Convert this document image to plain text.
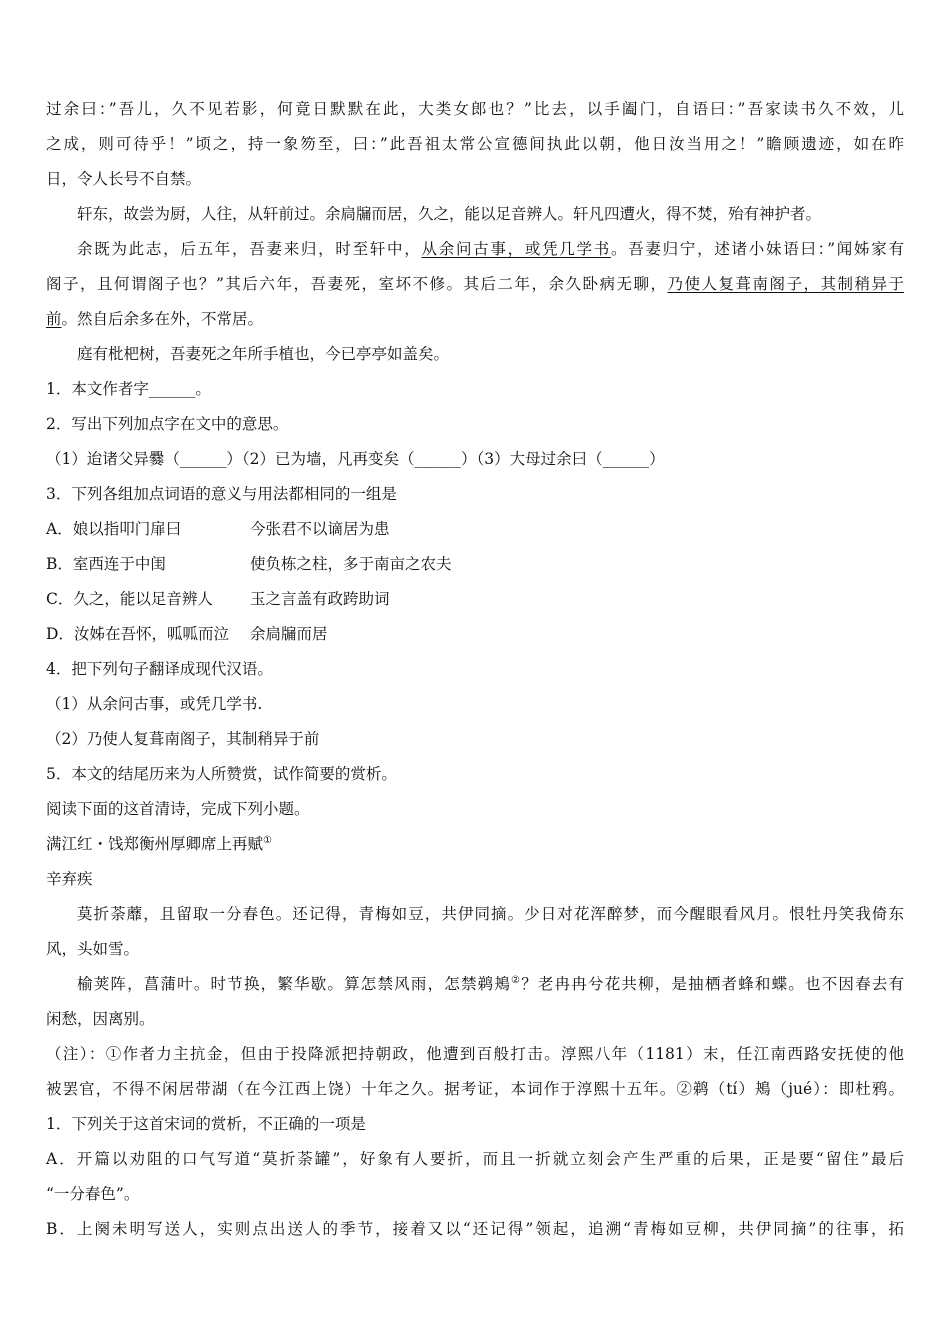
过余曰：”吾儿，久不见若影，何竟日默默在此，大类女郎也？”比去，以手阖门，自语曰：”吾家读书久不效，儿

之成，则可待乎！”顷之，持一象笏至，曰：”此吾祖太常公宣德间执此以朝，他日汝当用之！”瞻顾遗迹，如在昨

日，令人长号不自禁。

轩东，故尝为厨，人往，从轩前过。余扃牖而居，久之，能以足音辨人。轩凡四遭火，得不焚，殆有神护者。

余既为此志，后五年，吾妻来归，时至轩中，从余问古事，或凭几学书。吾妻归宁，述诸小妹语曰：”闻姊家有

阁子，且何谓阁子也？”其后六年，吾妻死，室坏不修。其后二年，余久卧病无聊，乃使人复葺南阁子，其制稍异于

前。然自后余多在外，不常居。

庭有枇杷树，吾妻死之年所手植也，今已亭亭如盖矣。

1．本文作者字______。

2．写出下列加点字在文中的意思。

（1）迨诸父异爨（______）（2）已为墙，凡再变矣（______）（3）大母过余曰（______）

3．下列各组加点词语的意义与用法都相同的一组是

A．娘以指叩门扉曰	今张君不以谪居为患

B．室西连于中闺	使负栋之柱，多于南亩之农夫

C．久之，能以足音辨人 玉之言盖有政跨助词

D．汝姊在吾怀，呱呱而泣 余扃牖而居

4．把下列句子翻译成现代汉语。

（1）从余问古事，或凭几学书.

（2）乃使人复葺南阁子，其制稍异于前

5．本文的结尾历来为人所赞赏，试作简要的赏析。

阅读下面的这首清诗，完成下列小题。

满江红・饯郑衡州厚卿席上再赋①

辛弃疾

莫折荼蘼，且留取一分春色。还记得，青梅如豆，共伊同摘。少日对花浑醉梦，而今醒眼看风月。恨牡丹笑我倚东

风，头如雪。

榆荚阵，菖蒲叶。时节换，繁华歇。算怎禁风雨，怎禁鹈鴂②？老冉冉兮花共柳，是抽栖者蜂和蝶。也不因春去有

闲愁，因离别。

（注）：①作者力主抗金，但由于投降派把持朝政，他遭到百般打击。淳熙八年（1181）末，任江南西路安抚使的他

被罢官，不得不闲居带湖（在今江西上饶）十年之久。据考证，本词作于淳熙十五年。②鹈（tí）鴂（jué）：即杜鸦。

1．下列关于这首宋词的赏析，不正确的一项是

A．开篇以劝阻的口气写道“莫折荼罐”，好象有人要折，而且一折就立刻会产生严重的后果，正是要“留住”最后

“一分春色”。

B．上阕未明写送人，实则点出送人的季节，接着又以“还记得”领起，追溯“青梅如豆柳，共伊同摘”的往事，拓
